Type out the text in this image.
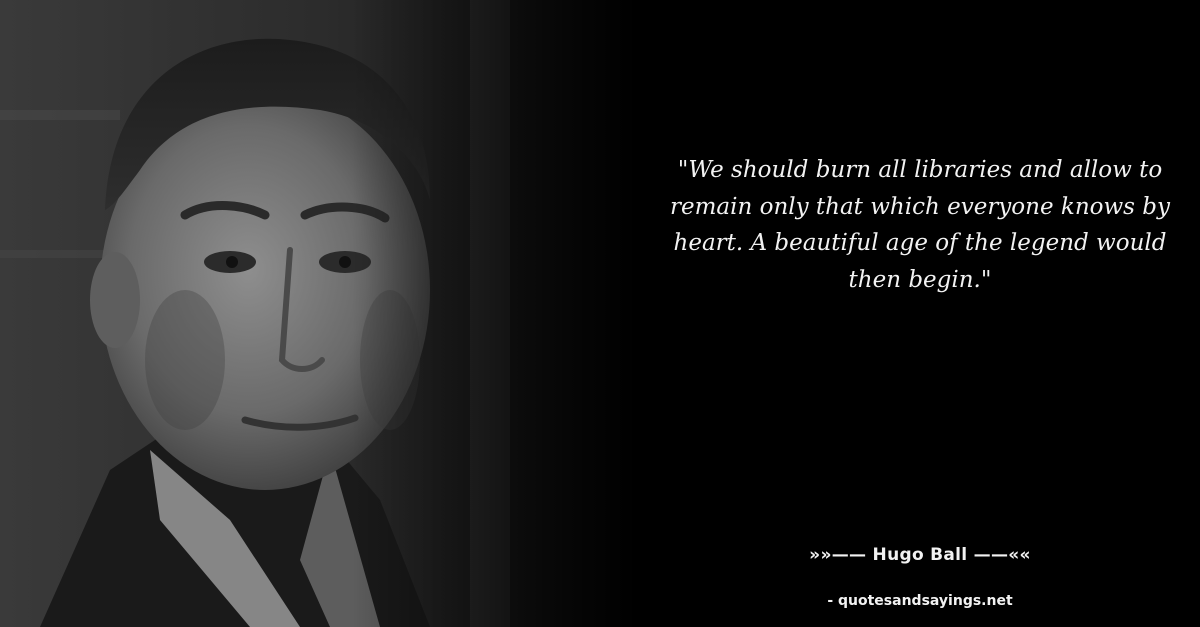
"We should burn all libraries and allow to remain only that which everyone knows by heart. A beautiful age of the legend would then begin."

»»—— Hugo Ball ——««
- quotesandsayings.net
